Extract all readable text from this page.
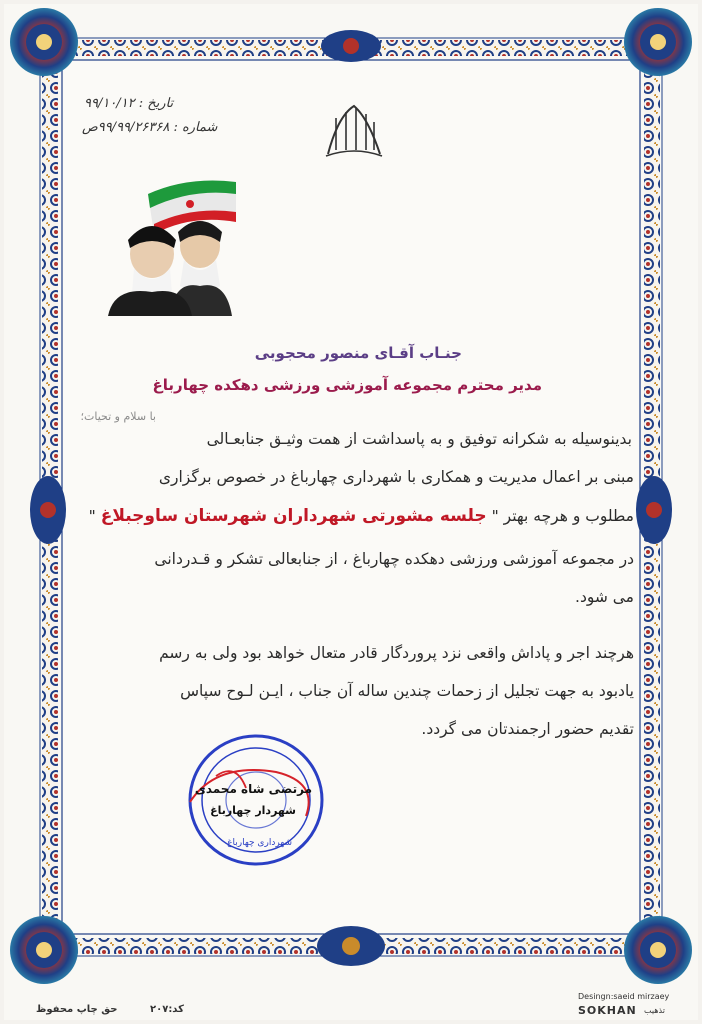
تاریخ : ۹۹/۱۰/۱۲
شماره : ۹۹/۹۹/۲۶۳۶۸ص
جنـاب آقـای منصور محجوبی
مدیر محترم مجموعه آموزشی ورزشی دهکده چهارباغ
با سلام و تحیات؛
بدینوسیله به شکرانه توفیق و به پاسداشت از همت وثیـق جنابعـالی
مبنی بر اعمال مدیریت و همکاری با شهرداری چهارباغ در خصوص برگزاری
مطلوب و هرچه بهتر " جلسه مشورتی شهرداران شهرستان ساوجبلاغ "
در مجموعه آموزشی ورزشی دهکده چهارباغ ، از جنابعالی تشکر و قـدردانی
می شود.
هرچند اجر و پاداش واقعی نزد پروردگار قادر متعال خواهد بود ولی به رسم
یادبود به جهت تجلیل از زحمات چندین ساله آن جناب ، ایـن لـوح سپاس
تقدیم حضور ارجمندتان می گردد.
مرتضی شاه محمدی
شهردار چهارباغ
شهرداری چهارباغ
کد:۲۰۷
حق چاپ محفوظ
Desingn:saeid mirzaey
تذهیب
SOKHAN
